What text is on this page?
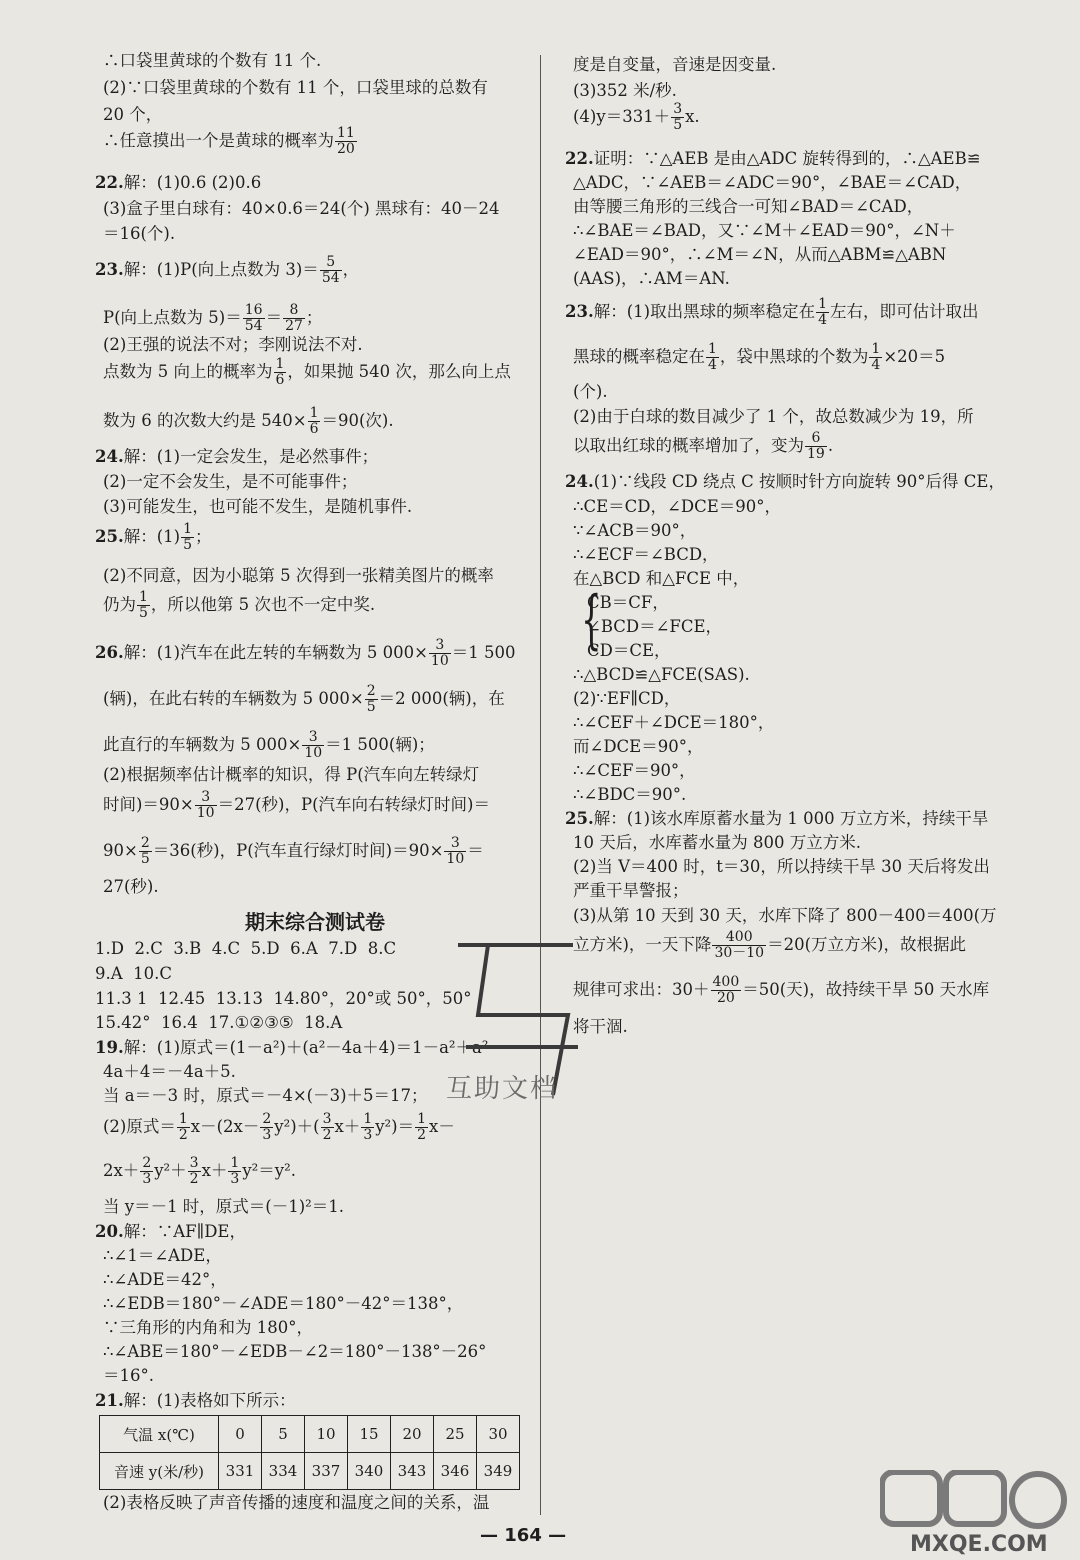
∴口袋里黄球的个数有 11 个.
(2)∵口袋里黄球的个数有 11 个，口袋里球的总数有
20 个，
∴任意摸出一个是黄球的概率为 $\frac{11}{20}$
22.解：(1)0.6 (2)0.6
(3)盒子里白球有：40×0.6＝24(个) 黑球有：40－24
＝16(个).
23.解：(1)P(向上点数为 $3)= \frac{5}{54}$ ，
P(向上点数为 $5)= \frac{16}{54} = \frac{8}{27}$ ；
(2)王强的说法不对；李刚说法不对.
点数为 5 向上的概率为 $\frac{1}{6}$ ，如果抛 540 次，那么向上点
数为 6 的次数大约是 $540\times \frac{1}{6} =90$(次).
24.解：(1)一定会发生，是必然事件；
(2)一定不会发生，是不可能事件；
(3)可能发生，也可能不发生，是随机事件.
25.解：$(1) \frac{1}{5}$ ；
(2)不同意，因为小聪第 5 次得到一张精美图片的概率
仍为 $\frac{1}{5}$ ，所以他第 5 次也不一定中奖.
26.解：(1)汽车在此左转的车辆数为 5 $000\times \frac{3}{10} =1$ 500
(辆)，在此右转的车辆数为 5 $000\times \frac{2}{5} =2$ 000(辆)，在
此直行的车辆数为 5 $000\times \frac{3}{10} =1$ 500(辆)；
(2)根据频率估计概率的知识，得 P(汽车向左转绿灯
时间)$=90\times \frac{3}{10} =27$(秒)，P(汽车向右转绿灯时间)＝
$90\times \frac{2}{5} =36$(秒)，P(汽车直行绿灯时间)$=90\times \frac{3}{10}$ ＝
27(秒).
期末综合测试卷
1.D 2.C 3.B 4.C 5.D 6.A 7.D 8.C
9.A 10.C
11.3 1 12.45 13.13 14.80°，20°或 50°，50°
15.42° 16.4 17.①②③⑤ 18.A
19.解：(1)原式＝(1－a²)＋(a²－4a＋4)＝1－a²＋a²－
4a＋4＝－4a＋5.
当 a＝－3 时，原式＝－4×(－3)＋5＝17；
(2)原式＝ $\frac{1}{2} x-(2x- \frac{2}{3} y^2)+( \frac{3}{2} x+ \frac{1}{3} y^2)= \frac{1}{2} x-$
$2x+ \frac{2}{3} y^2+ \frac{3}{2} x+ \frac{1}{3} y^2=y^2$.
当 y＝－1 时，原式＝(－1)²＝1.
20.解：∵AF∥DE，
∴∠1＝∠ADE，
∴∠ADE＝42°，
∴∠EDB＝180°－∠ADE＝180°－42°＝138°，
∵三角形的内角和为 180°，
∴∠ABE＝180°－∠EDB－∠2＝180°－138°－26°
＝16°.
21.解：(1)表格如下所示：
气温 x(℃)	0	5	10	15	20	25	30
音速 y(米/秒)	331	334	337	340	343	346	349
(2)表格反映了声音传播的速度和温度之间的关系，温
度是自变量，音速是因变量.
(3)352 米/秒.
$(4)y=331+ \frac{3}{5} x$.
22.证明：∵△AEB 是由△ADC 旋转得到的，∴△AEB≌
△ADC，∵∠AEB＝∠ADC＝90°，∠BAE＝∠CAD，
由等腰三角形的三线合一可知∠BAD＝∠CAD，
∴∠BAE＝∠BAD，又∵∠M＋∠EAD＝90°，∠N＋
∠EAD＝90°，∴∠M＝∠N，从而△ABM≌△ABN
(AAS)，∴AM＝AN.
23.解：(1)取出黑球的频率稳定在 $\frac{1}{4}$ 左右，即可估计取出
黑球的概率稳定在 $\frac{1}{4}$ ，袋中黑球的个数为 $\frac{1}{4} \times 20=5$
(个).
(2)由于白球的数目减少了 1 个，故总数减少为 19，所
以取出红球的概率增加了，变为 $\frac{6}{19}$ .
24.(1)∵线段 CD 绕点 C 按顺时针方向旋转 90°后得 CE，
∴CE＝CD，∠DCE＝90°，
∵∠ACB＝90°，
∴∠ECF＝∠BCD，
在△BCD 和△FCE 中，
{
CB＝CF，
∠BCD＝∠FCE，
CD＝CE，
∴△BCD≌△FCE(SAS).
(2)∵EF∥CD，
∴∠CEF＋∠DCE＝180°，
而∠DCE＝90°，
∴∠CEF＝90°，
∴∠BDC＝90°.
25.解：(1)该水库原蓄水量为 1 000 万立方米，持续干旱
10 天后，水库蓄水量为 800 万立方米.
(2)当 V＝400 时，t＝30，所以持续干旱 30 天后将发出
严重干旱警报；
(3)从第 10 天到 30 天，水库下降了 800－400＝400(万
立方米)，一天下降 $\frac{400}{30-10} =20$(万立方米)，故根据此
规律可求出：$30+ \frac{400}{20} =50$(天)，故持续干旱 50 天水库
将干涸.
互助文档
MXQE.COM
— 164 —
